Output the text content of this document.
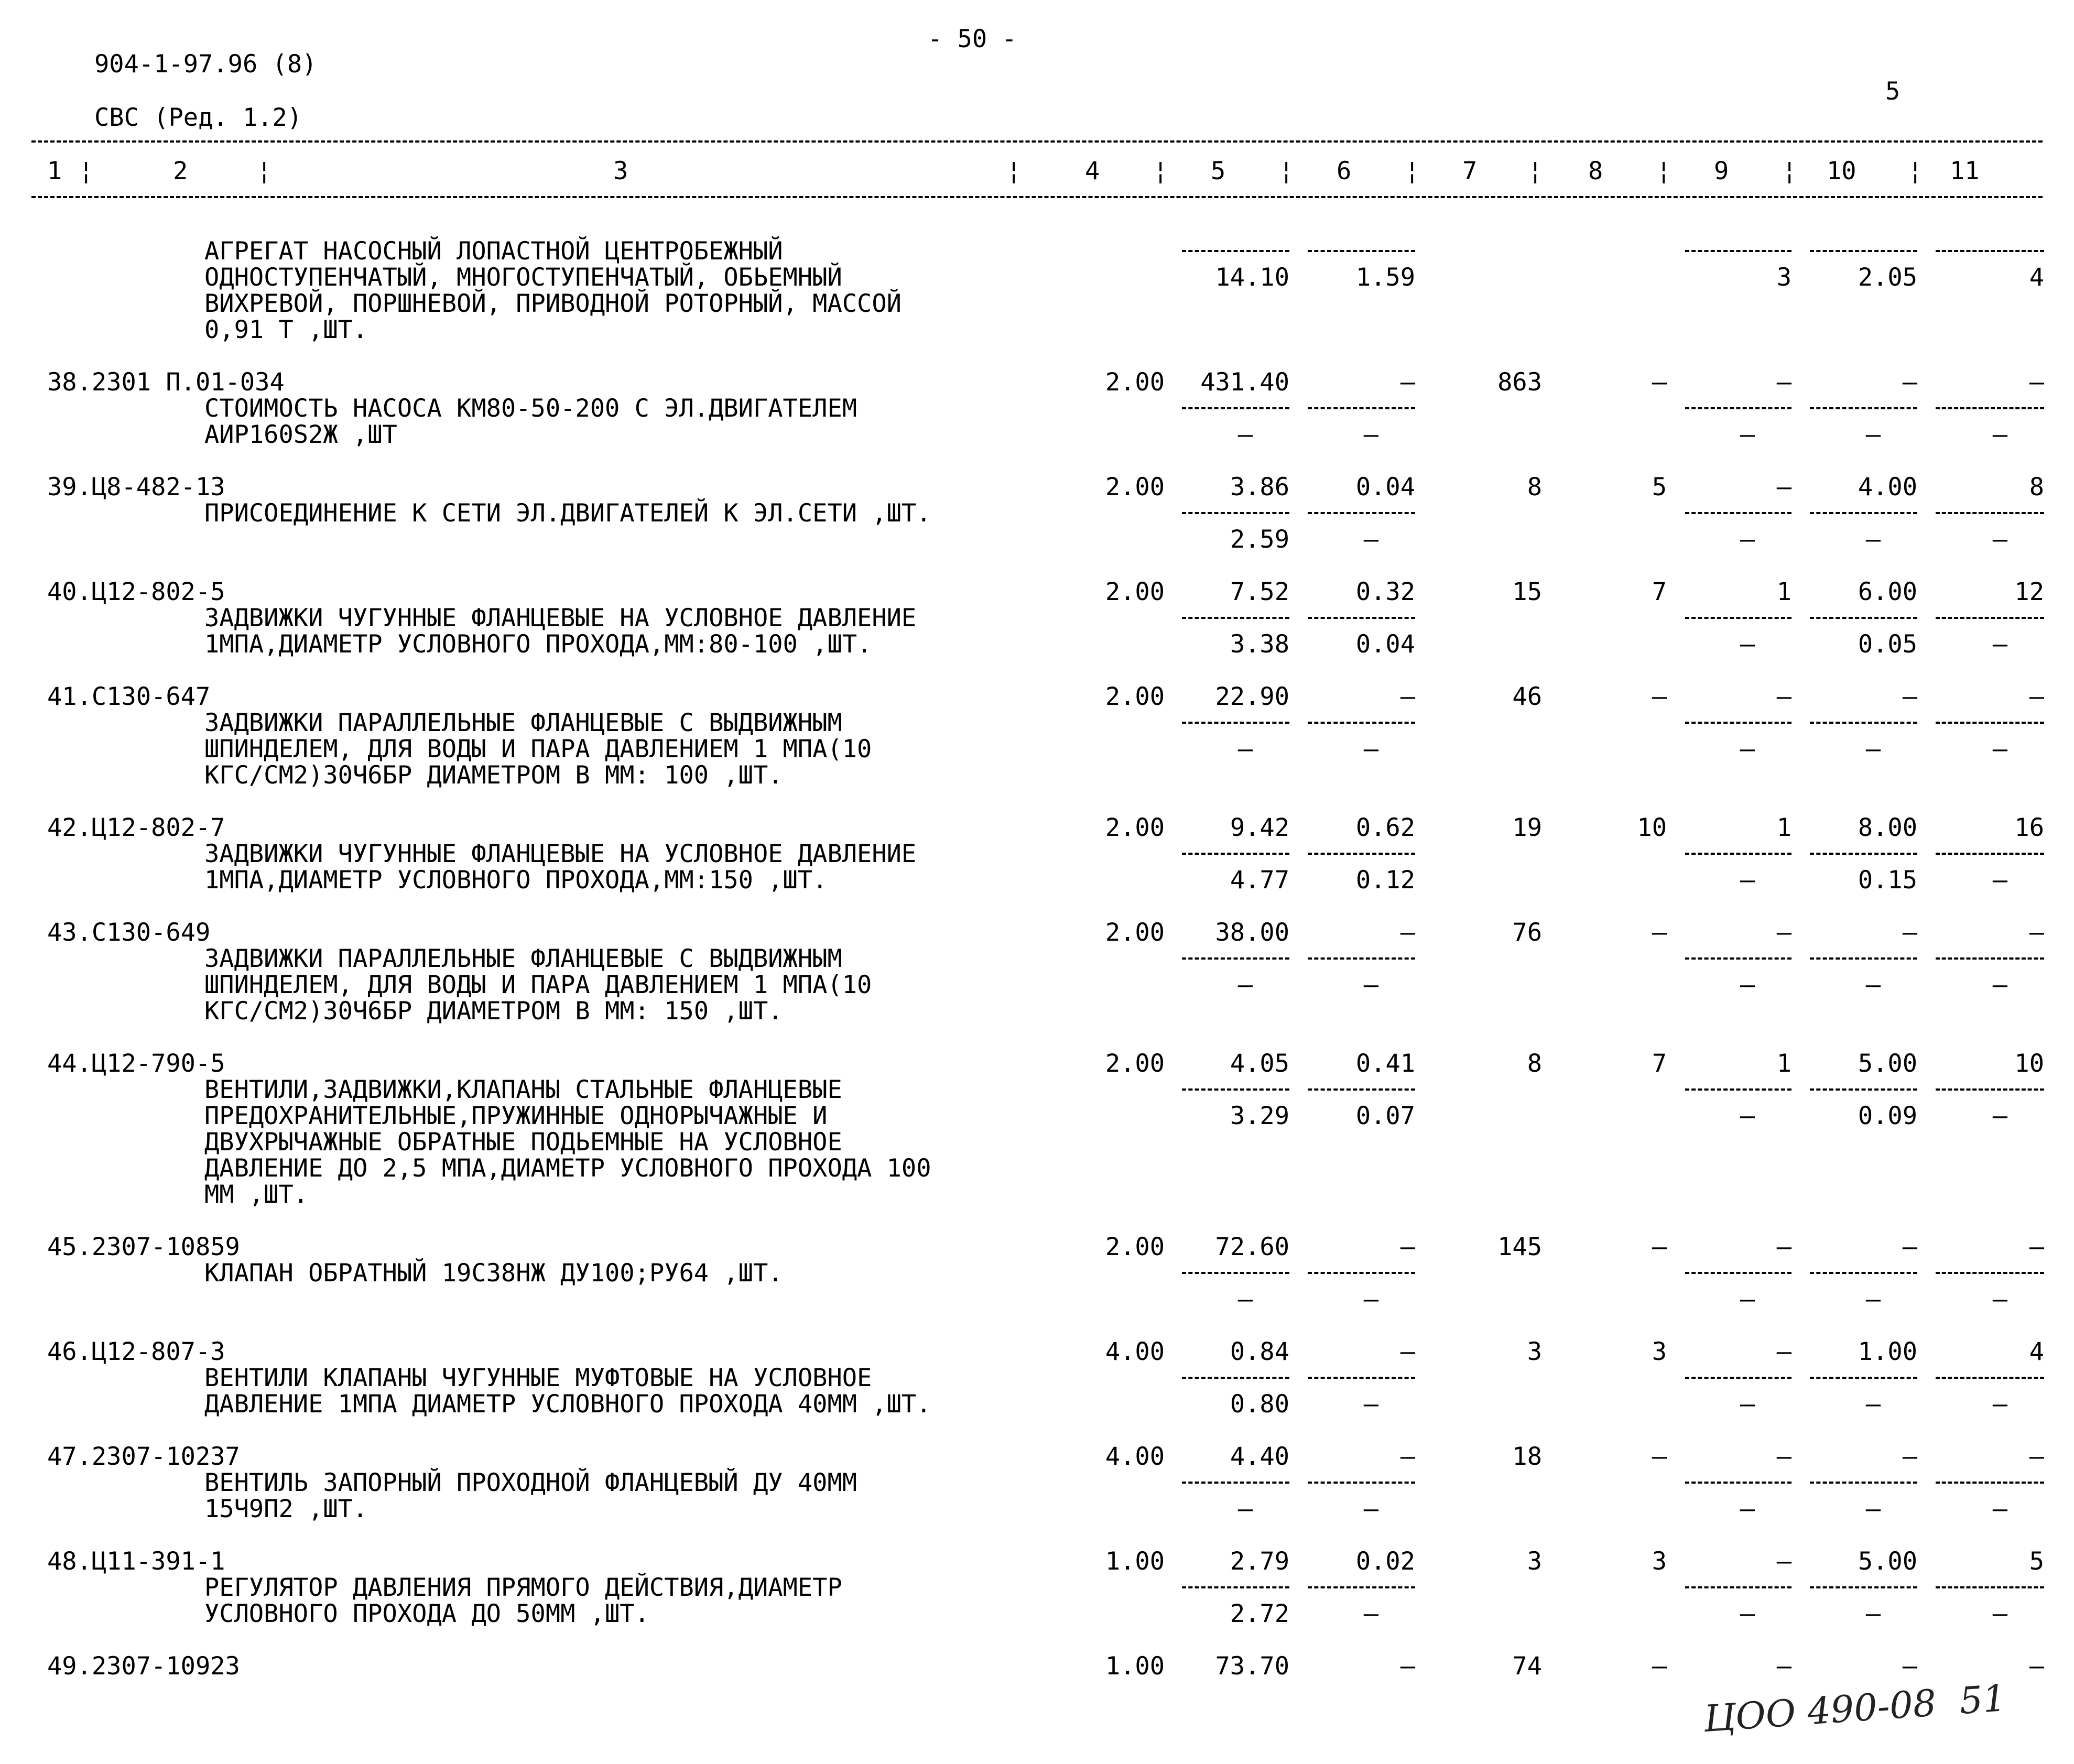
- 50 -
904-1-97.96 (8)
5
СВС (Ред. 1.2)
1 ¦	2	¦	3	¦	4 ¦ 5 ¦ 6 ¦ 7 ¦ 8 ¦ 9 ¦ 10 ¦ 11
АГРЕГАТ НАСОСНЫЙ ЛОПАСТНОЙ ЦЕНТРОБЕЖНЫЙ
ОДНОСТУПЕНЧАТЫЙ, МНОГОСТУПЕНЧАТЫЙ, ОБЬЕМНЫЙ
ВИХРЕВОЙ, ПОРШНЕВОЙ, ПРИВОДНОЙ РОТОРНЫЙ, МАССОЙ
0,91 Т ,ШТ.
14.10	1.59	3	2.05	4
38.2301 П.01-034
СТОИМОСТЬ НАСОСА КМ80-50-200 С ЭЛ.ДВИГАТЕЛЕМ
АИР160S2Ж ,ШТ
2.00 431.40	–	863	–	–	–	–
–	–	–	–	–
39.Ц8-482-13
ПРИСОЕДИНЕНИЕ К СЕТИ ЭЛ.ДВИГАТЕЛЕЙ К ЭЛ.СЕТИ ,ШТ.
2.00	3.86	0.04	8	5	–	4.00	8
2.59	–	–	–	–
40.Ц12-802-5
ЗАДВИЖКИ ЧУГУННЫЕ ФЛАНЦЕВЫЕ НА УСЛОВНОЕ ДАВЛЕНИЕ
1МПА,ДИАМЕТР УСЛОВНОГО ПРОХОДА,ММ:80-100 ,ШТ.
2.00	7.52	0.32	15	7	1	6.00	12
3.38	0.04	–	0.05	–
41.С130-647
ЗАДВИЖКИ ПАРАЛЛЕЛЬНЫЕ ФЛАНЦЕВЫЕ С ВЫДВИЖНЫМ
ШПИНДЕЛЕМ, ДЛЯ ВОДЫ И ПАРА ДАВЛЕНИЕМ 1 МПА(10
КГС/СМ2)30Ч6БР ДИАМЕТРОМ В ММ: 100 ,ШТ.
2.00 22.90	–	46	–	–	–	–
–	–	–	–	–
42.Ц12-802-7
ЗАДВИЖКИ ЧУГУННЫЕ ФЛАНЦЕВЫЕ НА УСЛОВНОЕ ДАВЛЕНИЕ
1МПА,ДИАМЕТР УСЛОВНОГО ПРОХОДА,ММ:150 ,ШТ.
2.00	9.42	0.62	19	10	1	8.00	16
4.77	0.12	–	0.15	–
43.С130-649
ЗАДВИЖКИ ПАРАЛЛЕЛЬНЫЕ ФЛАНЦЕВЫЕ С ВЫДВИЖНЫМ
ШПИНДЕЛЕМ, ДЛЯ ВОДЫ И ПАРА ДАВЛЕНИЕМ 1 МПА(10
КГС/СМ2)30Ч6БР ДИАМЕТРОМ В ММ: 150 ,ШТ.
2.00 38.00	–	76	–	–	–	–
–	–	–	–	–
44.Ц12-790-5
ВЕНТИЛИ,ЗАДВИЖКИ,КЛАПАНЫ СТАЛЬНЫЕ ФЛАНЦЕВЫЕ
ПРЕДОХРАНИТЕЛЬНЫЕ,ПРУЖИННЫЕ ОДНОРЫЧАЖНЫЕ И
ДВУХРЫЧАЖНЫЕ ОБРАТНЫЕ ПОДЬЕМНЫЕ НА УСЛОВНОЕ
ДАВЛЕНИЕ ДО 2,5 МПА,ДИАМЕТР УСЛОВНОГО ПРОХОДА 100
ММ ,ШТ.
2.00	4.05	0.41	8	7	1	5.00	10
3.29	0.07	–	0.09	–
45.2307-10859
КЛАПАН ОБРАТНЫЙ 19С38НЖ ДУ100;РУ64 ,ШТ.
2.00 72.60	–	145	–	–	–	–
–	–	–	–	–
46.Ц12-807-3
ВЕНТИЛИ КЛАПАНЫ ЧУГУННЫЕ МУФТОВЫЕ НА УСЛОВНОЕ
ДАВЛЕНИЕ 1МПА ДИАМЕТР УСЛОВНОГО ПРОХОДА 40ММ ,ШТ.
4.00	0.84	–	3	3	–	1.00	4
0.80	–	–	–	–
47.2307-10237
ВЕНТИЛЬ ЗАПОРНЫЙ ПРОХОДНОЙ ФЛАНЦЕВЫЙ ДУ 40ММ
15Ч9П2 ,ШТ.
4.00	4.40	–	18	–	–	–	–
–	–	–	–	–
48.Ц11-391-1
РЕГУЛЯТОР ДАВЛЕНИЯ ПРЯМОГО ДЕЙСТВИЯ,ДИАМЕТР
УСЛОВНОГО ПРОХОДА ДО 50ММ ,ШТ.
1.00	2.79	0.02	3	3	–	5.00	5
2.72	–	–	–	–
49.2307-10923	1.00 73.70	–	74	–	–	–	–
ЦОО 490-08  51
